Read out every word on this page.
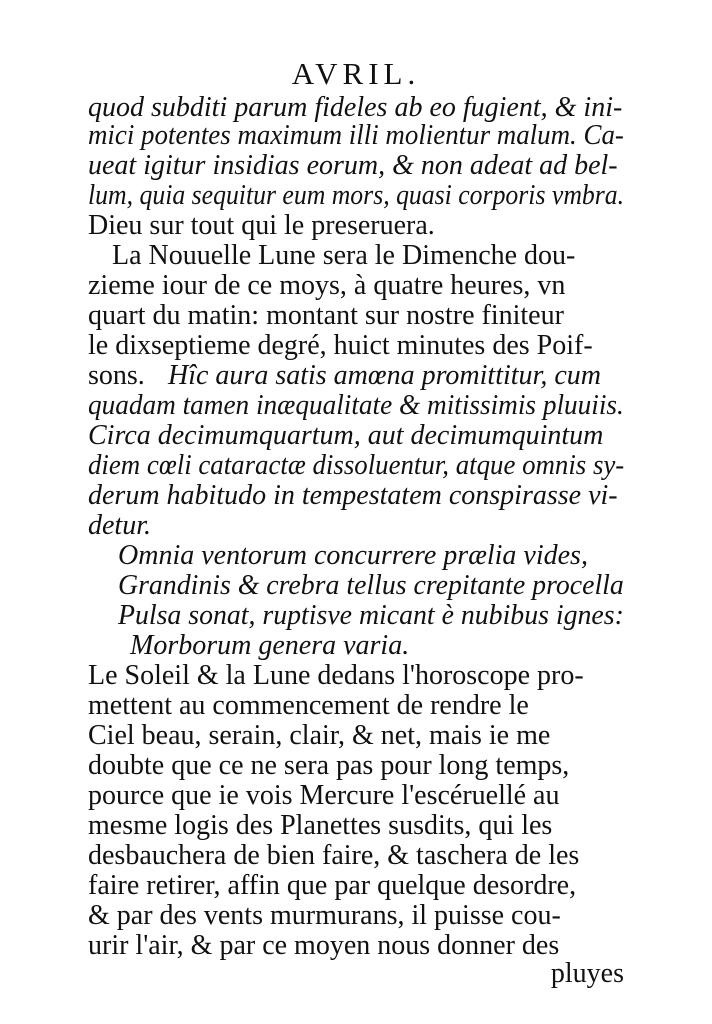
AVRIL.
quod subditi parum fideles ab eo fugient, & ini-
mici potentes maximum illi molientur malum. Ca-
ueat igitur insidias eorum, & non adeat ad bel-
lum, quia sequitur eum mors, quasi corporis vmbra.
Dieu sur tout qui le preseruera.
La Nouuelle Lune sera le Dimenche dou-
zieme iour de ce moys, à quatre heures, vn
quart du matin: montant sur nostre finiteur
le dixseptieme degré, huict minutes des Poif-
sons. Hîc aura satis amœna promittitur, cum
quadam tamen inæqualitate & mitissimis pluuiis.
Circa decimumquartum, aut decimumquintum
diem cœli cataractæ dissoluentur, atque omnis sy-
derum habitudo in tempestatem conspirasse vi-
detur.
Omnia ventorum concurrere prælia vides,
Grandinis & crebra tellus crepitante procella
Pulsa sonat, ruptisve micant è nubibus ignes:
Morborum genera varia.
Le Soleil & la Lune dedans l'horoscope pro-
mettent au commencement de rendre le
Ciel beau, serain, clair, & net, mais ie me
doubte que ce ne sera pas pour long temps,
pource que ie vois Mercure l'escéruellé au
mesme logis des Planettes susdits, qui les
desbauchera de bien faire, & taschera de les
faire retirer, affin que par quelque desordre,
& par des vents murmurans, il puisse cou-
urir l'air, & par ce moyen nous donner des
pluyes
